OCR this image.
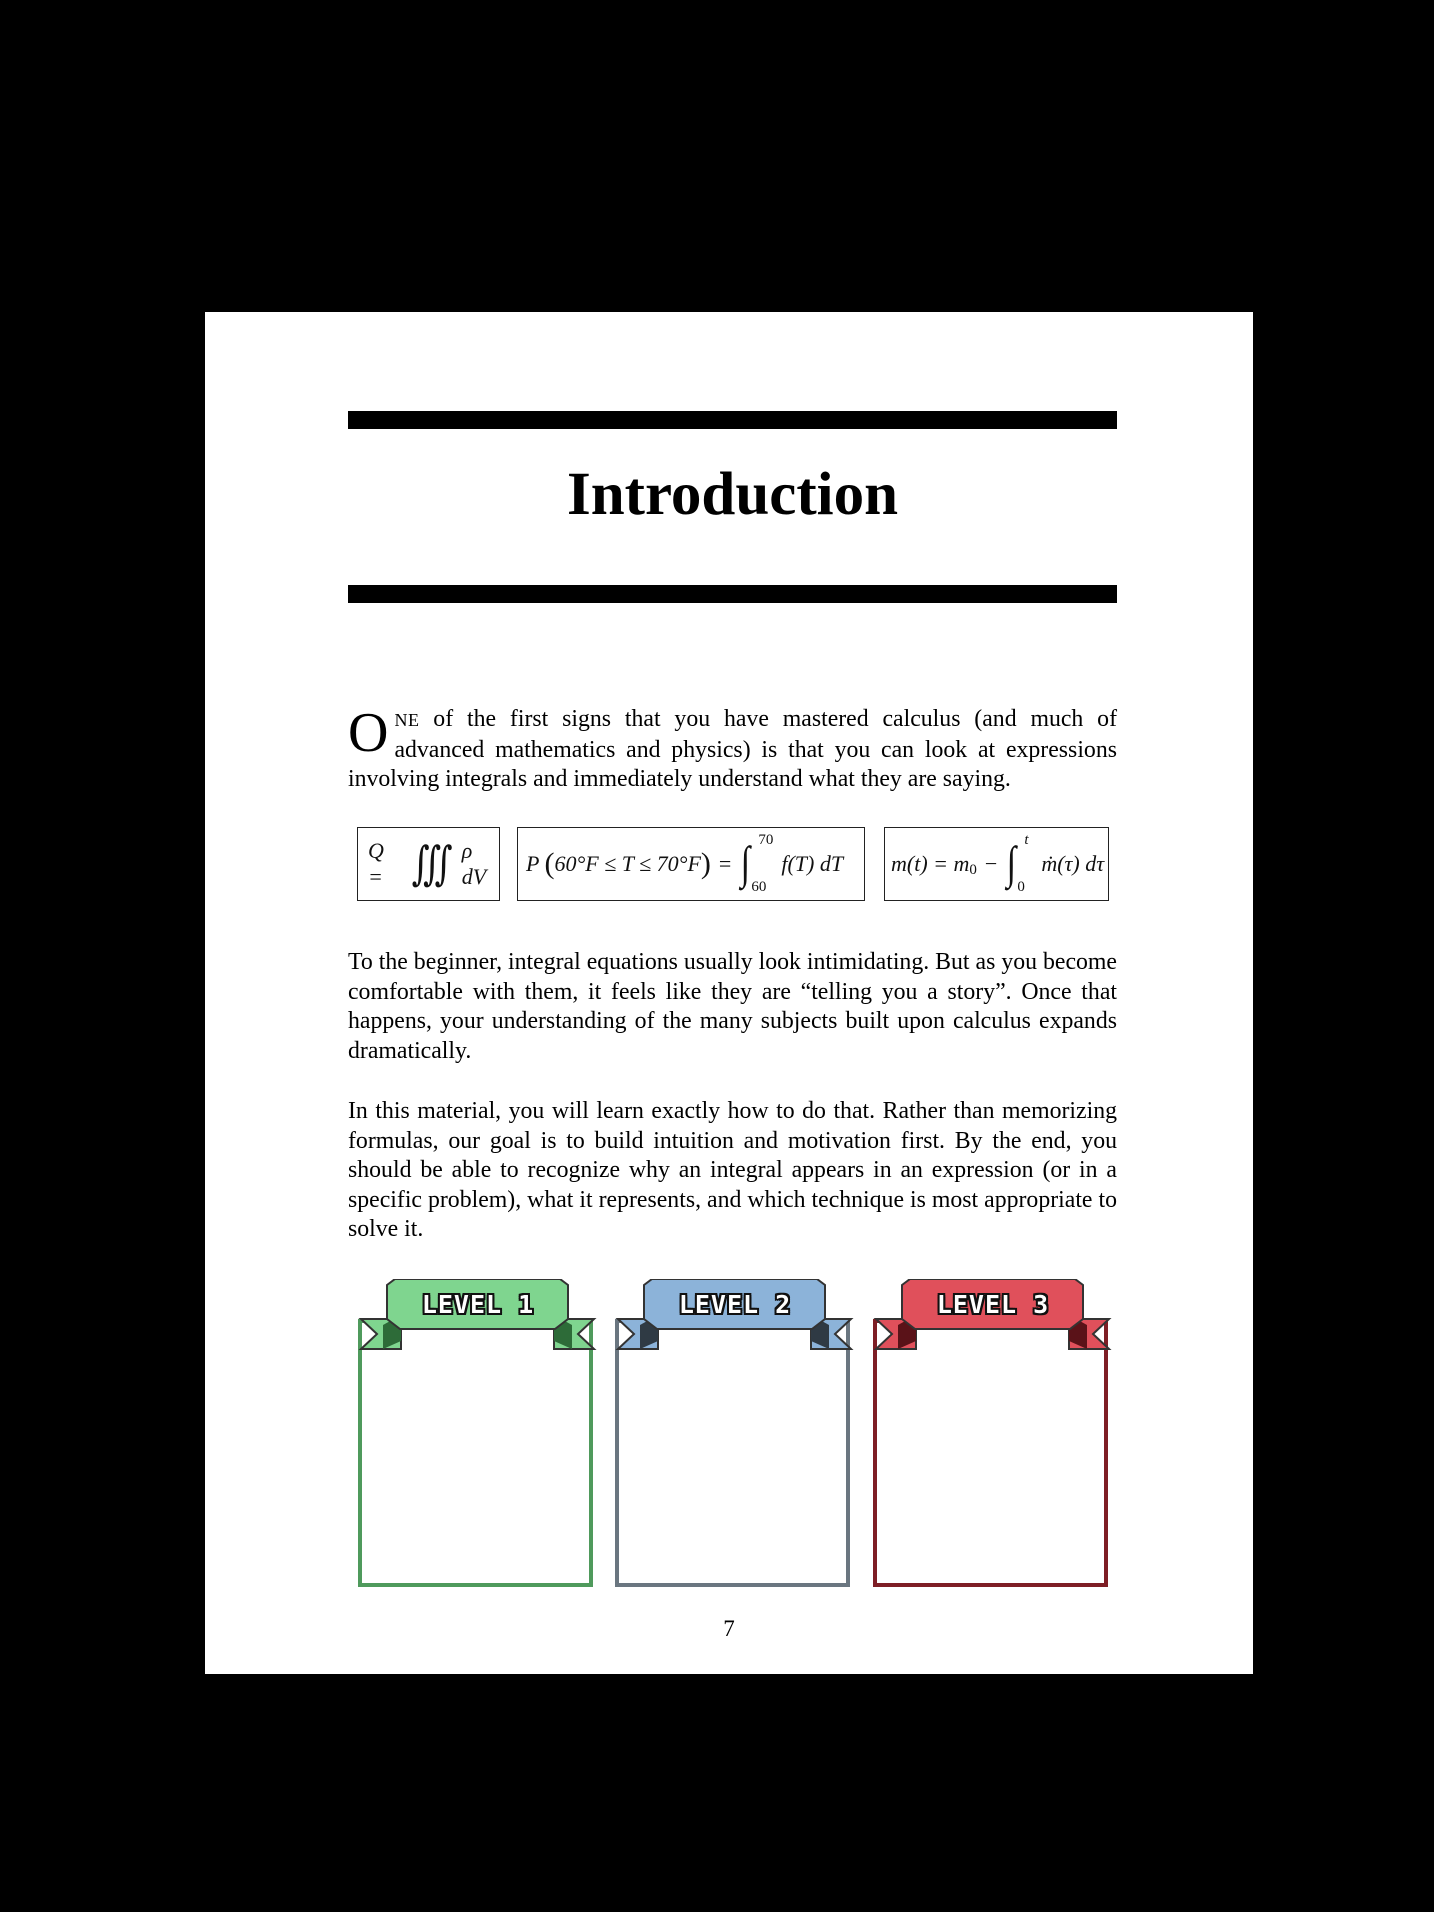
Introduction

ONE of the first signs that you have mastered calculus (and much of advanced mathematics and physics) is that you can look at expressions involving integrals and immediately understand what they are saying.

Q = ∭ ρ dV
P ( 60°F ≤ T ≤ 70°F ) = ∫ 70
60
f(T) dT m(t) = m 0 − ∫ t
0
ṁ(τ) dτ

To the beginner, integral equations usually look intimidating. But as you become comfortable with them, it feels like they are “telling you a story”. Once that happens, your understanding of the many subjects built upon calculus expands dramatically.

In this material, you will learn exactly how to do that. Rather than memorizing formulas, our goal is to build intuition and motivation first. By the end, you should be able to recognize why an integral appears in an expression (or in a specific problem), what it represents, and which technique is most appropriate to solve it.

LEVEL 1	LEVEL 2	LEVEL 3
7
